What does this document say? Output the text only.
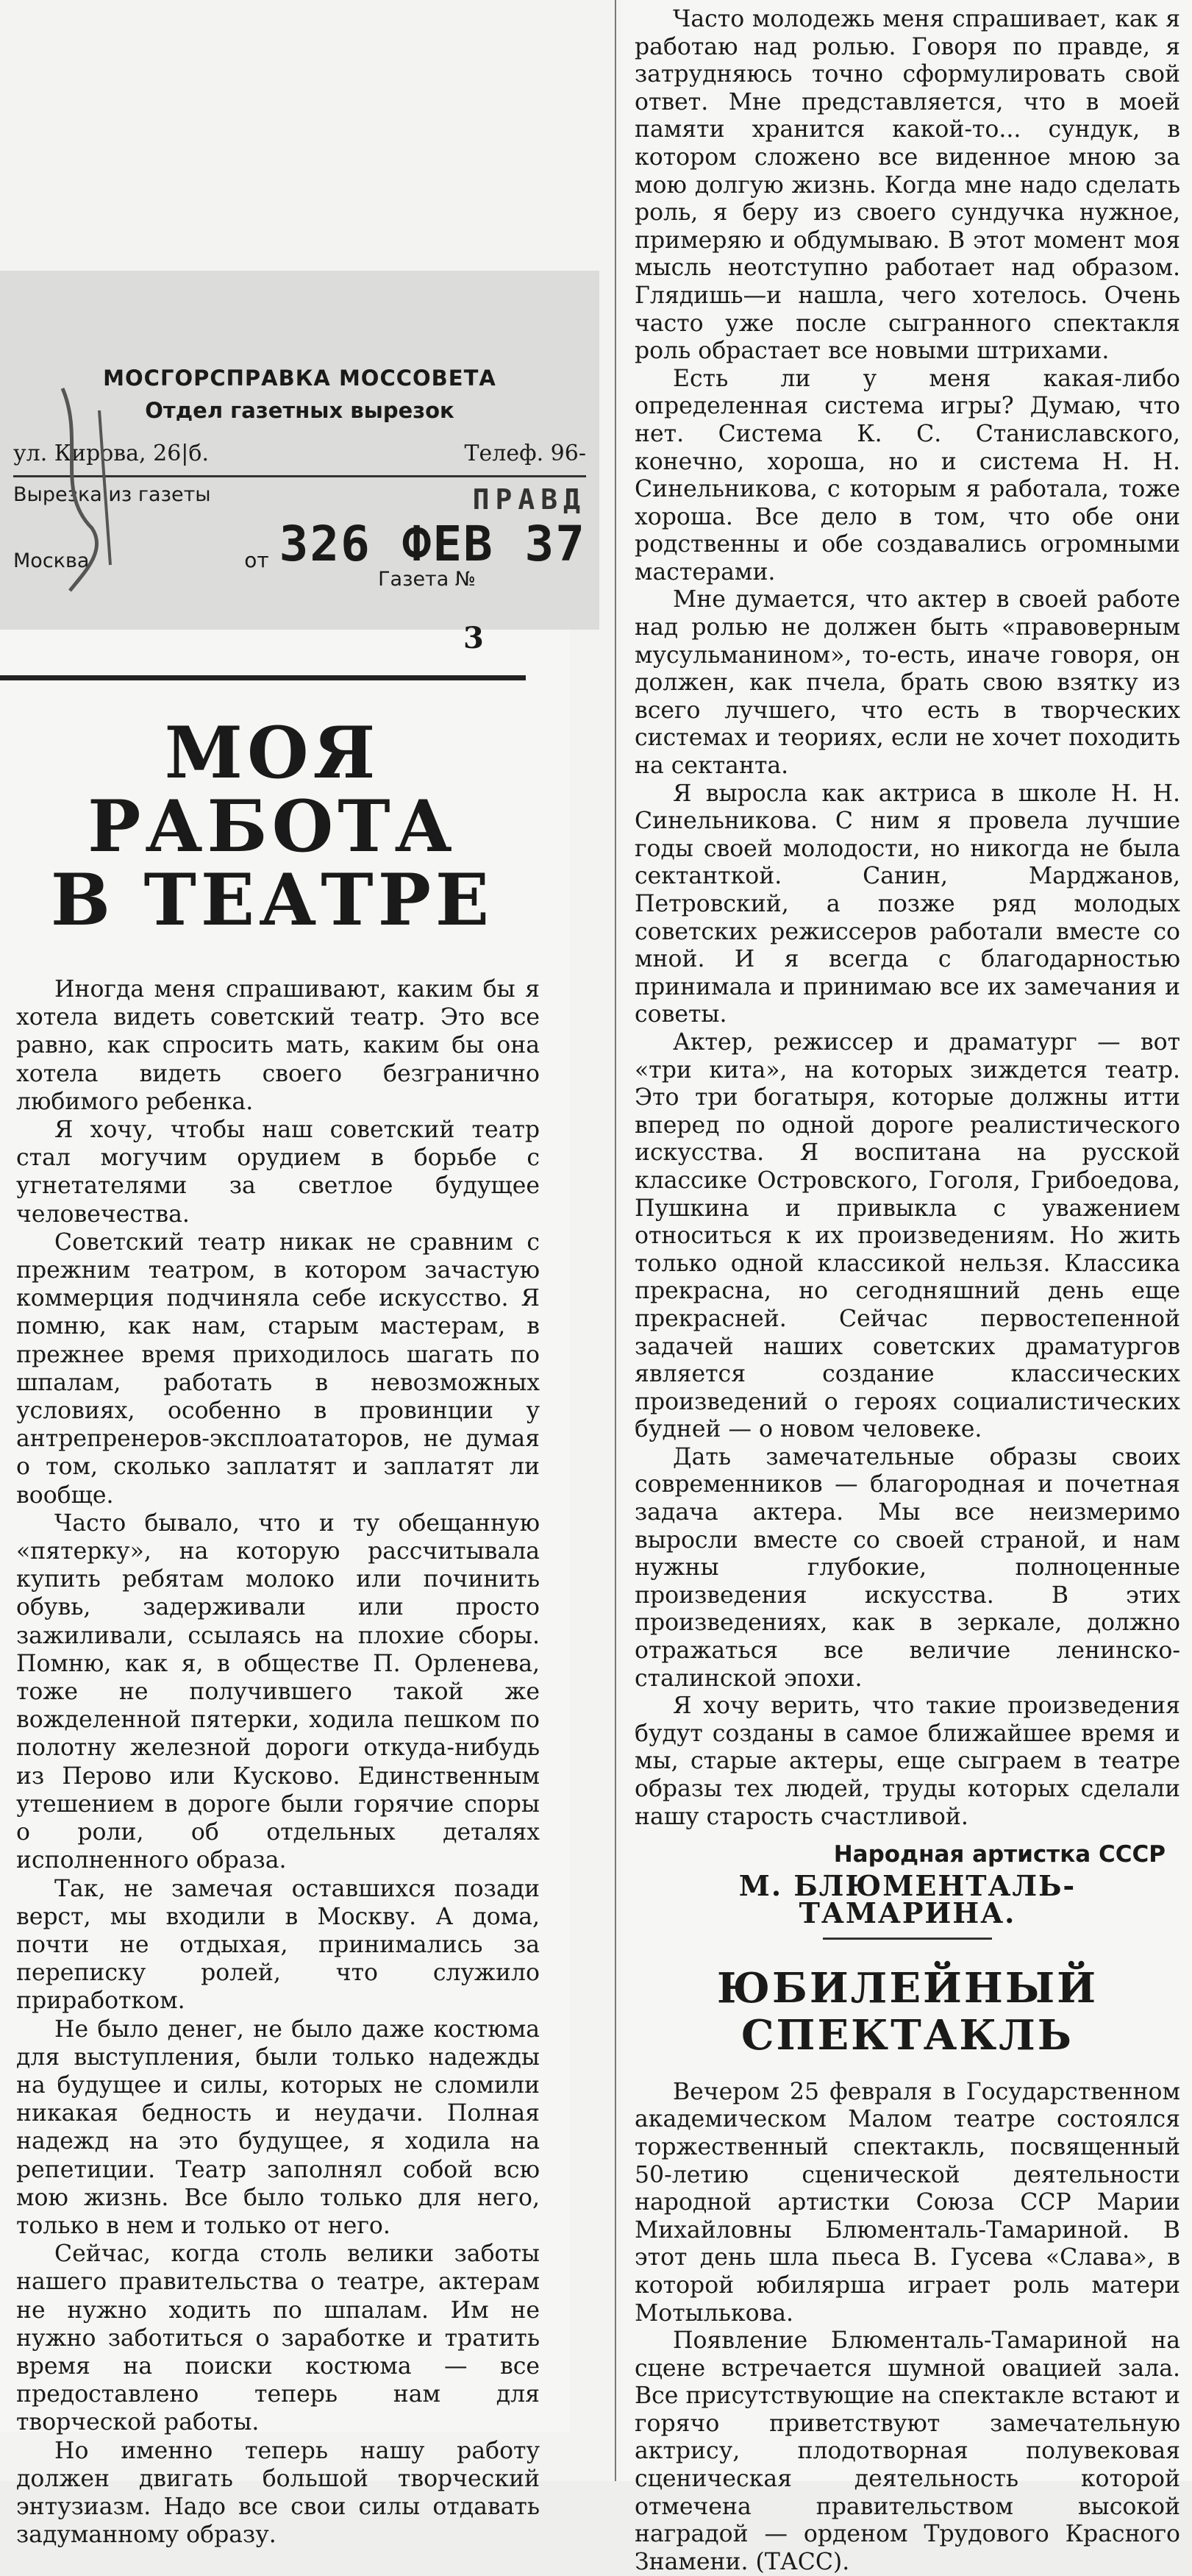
МОСГОРСПРАВКА МОССОВЕТА
Отдел газетных вырезок
ул. Кирова, 26|б.	Телеф. 96-
Вырезка из газеты	ПРАВД
Москва	от 326 ФЕВ 37
Газета №
3
МОЯ
РАБОТА
В ТЕАТРЕ

Иногда меня спрашивают, каким бы я хотела видеть советский театр. Это все равно, как спросить мать, каким бы она хотела видеть своего безгранично любимого ребенка.

Я хочу, чтобы наш советский театр стал могучим орудием в борьбе с угнетателями за светлое будущее человечества.

Советский театр никак не сравним с прежним театром, в котором зачастую коммерция подчиняла себе искусство. Я помню, как нам, старым мастерам, в прежнее время приходилось шагать по шпалам, работать в невозможных условиях, особенно в провинции у антрепренеров-эксплоататоров, не думая о том, сколько заплатят и заплатят ли вообще.

Часто бывало, что и ту обещанную «пятерку», на которую рассчитывала купить ребятам молоко или починить обувь, задерживали или просто зажиливали, ссылаясь на плохие сборы. Помню, как я, в обществе П. Орленева, тоже не получившего такой же вожделенной пятерки, ходила пешком по полотну железной дороги откуда-нибудь из Перово или Кусково. Единственным утешением в дороге были горячие споры о роли, об отдельных деталях исполненного образа.

Так, не замечая оставшихся позади верст, мы входили в Москву. А дома, почти не отдыхая, принимались за переписку ролей, что служило приработком.

Не было денег, не было даже костюма для выступления, были только надежды на будущее и силы, которых не сломили никакая бедность и неудачи. Полная надежд на это будущее, я ходила на репетиции. Театр заполнял собой всю мою жизнь. Все было только для него, только в нем и только от него.

Сейчас, когда столь велики заботы нашего правительства о театре, актерам не нужно ходить по шпалам. Им не нужно заботиться о заработке и тратить время на поиски костюма — все предоставлено теперь нам для творческой работы.

Но именно теперь нашу работу должен двигать большой творческий энтузиазм. Надо все свои силы отдавать задуманному образу.

Часто молодежь меня спрашивает, как я работаю над ролью. Говоря по правде, я затрудняюсь точно сформулировать свой ответ. Мне представляется, что в моей памяти хранится какой-то... сундук, в котором сложено все виденное мною за мою долгую жизнь. Когда мне надо сделать роль, я беру из своего сундучка нужное, примеряю и обдумываю. В этот момент моя мысль неотступно работает над образом. Глядишь—и нашла, чего хотелось. Очень часто уже после сыгранного спектакля роль обрастает все новыми штрихами.

Есть ли у меня какая-либо определенная система игры? Думаю, что нет. Система К. С. Станиславского, конечно, хороша, но и система Н. Н. Синельникова, с которым я работала, тоже хороша. Все дело в том, что обе они родственны и обе создавались огромными мастерами.

Мне думается, что актер в своей работе над ролью не должен быть «правоверным мусульманином», то-есть, иначе говоря, он должен, как пчела, брать свою взятку из всего лучшего, что есть в творческих системах и теориях, если не хочет походить на сектанта.

Я выросла как актриса в школе Н. Н. Синельникова. С ним я провела лучшие годы своей молодости, но никогда не была сектанткой. Санин, Марджанов, Петровский, а позже ряд молодых советских режиссеров работали вместе со мной. И я всегда с благодарностью принимала и принимаю все их замечания и советы.

Актер, режиссер и драматург — вот «три кита», на которых зиждется театр. Это три богатыря, которые должны итти вперед по одной дороге реалистического искусства. Я воспитана на русской классике Островского, Гоголя, Грибоедова, Пушкина и привыкла с уважением относиться к их произведениям. Но жить только одной классикой нельзя. Классика прекрасна, но сегодняшний день еще прекрасней. Сейчас первостепенной задачей наших советских драматургов является создание классических произведений о героях социалистических будней — о новом человеке.

Дать замечательные образы своих современников — благородная и почетная задача актера. Мы все неизмеримо выросли вместе со своей страной, и нам нужны глубокие, полноценные произведения искусства. В этих произведениях, как в зеркале, должно отражаться все величие ленинско-сталинской эпохи.

Я хочу верить, что такие произведения будут созданы в самое ближайшее время и мы, старые актеры, еще сыграем в театре образы тех людей, труды которых сделали нашу старость счастливой.

Народная артистка СССР
М. БЛЮМЕНТАЛЬ-ТАМАРИНА.
ЮБИЛЕЙНЫЙ
СПЕКТАКЛЬ

Вечером 25 февраля в Государственном академическом Малом театре состоялся торжественный спектакль, посвященный 50-летию сценической деятельности народной артистки Союза ССР Марии Михайловны Блюменталь-Тамариной. В этот день шла пьеса В. Гусева «Слава», в которой юбилярша играет роль матери Мотылькова.

Появление Блюменталь-Тамариной на сцене встречается шумной овацией зала. Все присутствующие на спектакле встают и горячо приветствуют замечательную актрису, плодотворная полувековая сценическая деятельность которой отмечена правительством высокой наградой — орденом Трудового Красного Знамени. (ТАСС).
